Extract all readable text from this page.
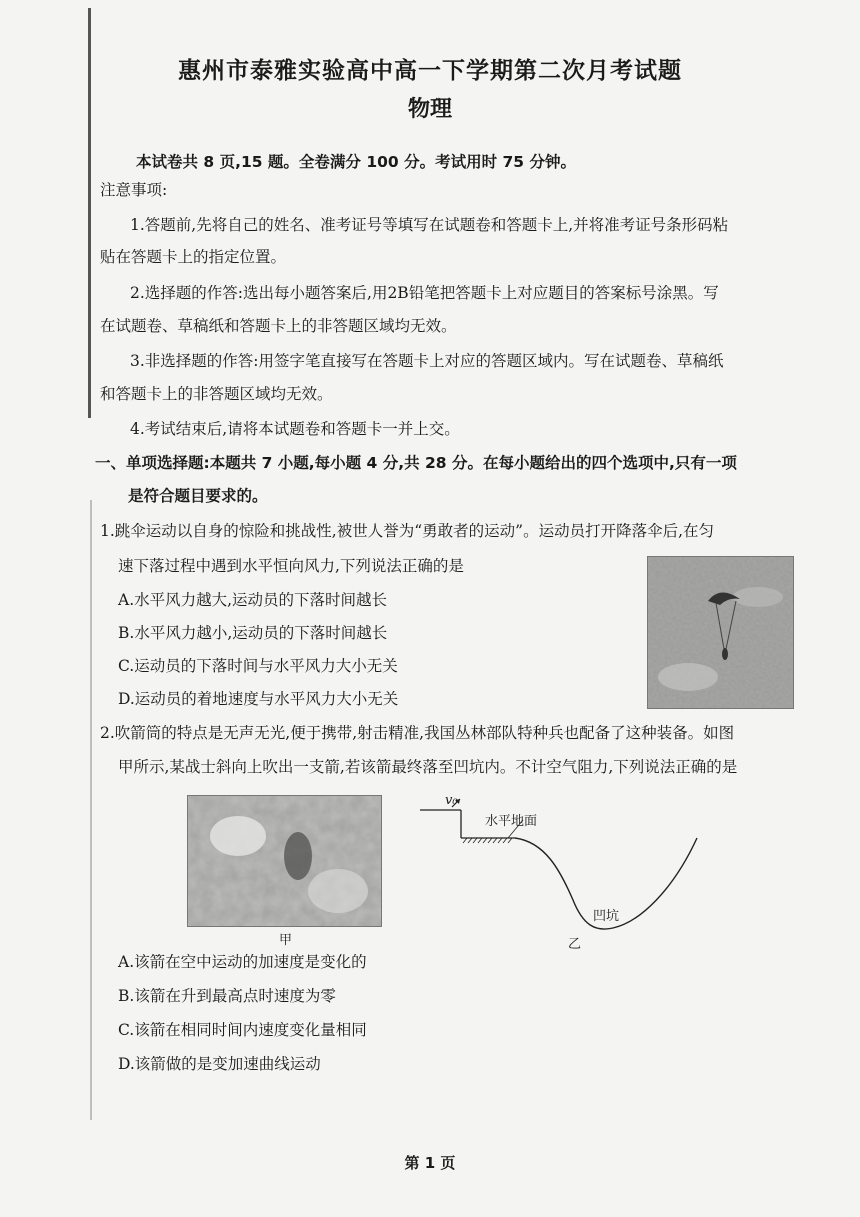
惠州市泰雅实验高中高一下学期第二次月考试题
物理
本试卷共 8 页,15 题。全卷满分 100 分。考试用时 75 分钟。
注意事项:
1.答题前,先将自己的姓名、准考证号等填写在试题卷和答题卡上,并将准考证号条形码粘
贴在答题卡上的指定位置。
2.选择题的作答:选出每小题答案后,用2B铅笔把答题卡上对应题目的答案标号涂黑。写
在试题卷、草稿纸和答题卡上的非答题区域均无效。
3.非选择题的作答:用签字笔直接写在答题卡上对应的答题区域内。写在试题卷、草稿纸
和答题卡上的非答题区域均无效。
4.考试结束后,请将本试题卷和答题卡一并上交。
一、单项选择题:本题共 7 小题,每小题 4 分,共 28 分。在每小题给出的四个选项中,只有一项
是符合题目要求的。
1.跳伞运动以自身的惊险和挑战性,被世人誉为“勇敢者的运动”。运动员打开降落伞后,在匀
速下落过程中遇到水平恒向风力,下列说法正确的是
A.水平风力越大,运动员的下落时间越长
B.水平风力越小,运动员的下落时间越长
C.运动员的下落时间与水平风力大小无关
D.运动员的着地速度与水平风力大小无关
2.吹箭筒的特点是无声无光,便于携带,射击精准,我国丛林部队特种兵也配备了这种装备。如图
甲所示,某战士斜向上吹出一支箭,若该箭最终落至凹坑内。不计空气阻力,下列说法正确的是
甲
v₀
水平地面
凹坑
乙
A.该箭在空中运动的加速度是变化的
B.该箭在升到最高点时速度为零
C.该箭在相同时间内速度变化量相同
D.该箭做的是变加速曲线运动
第 1 页
